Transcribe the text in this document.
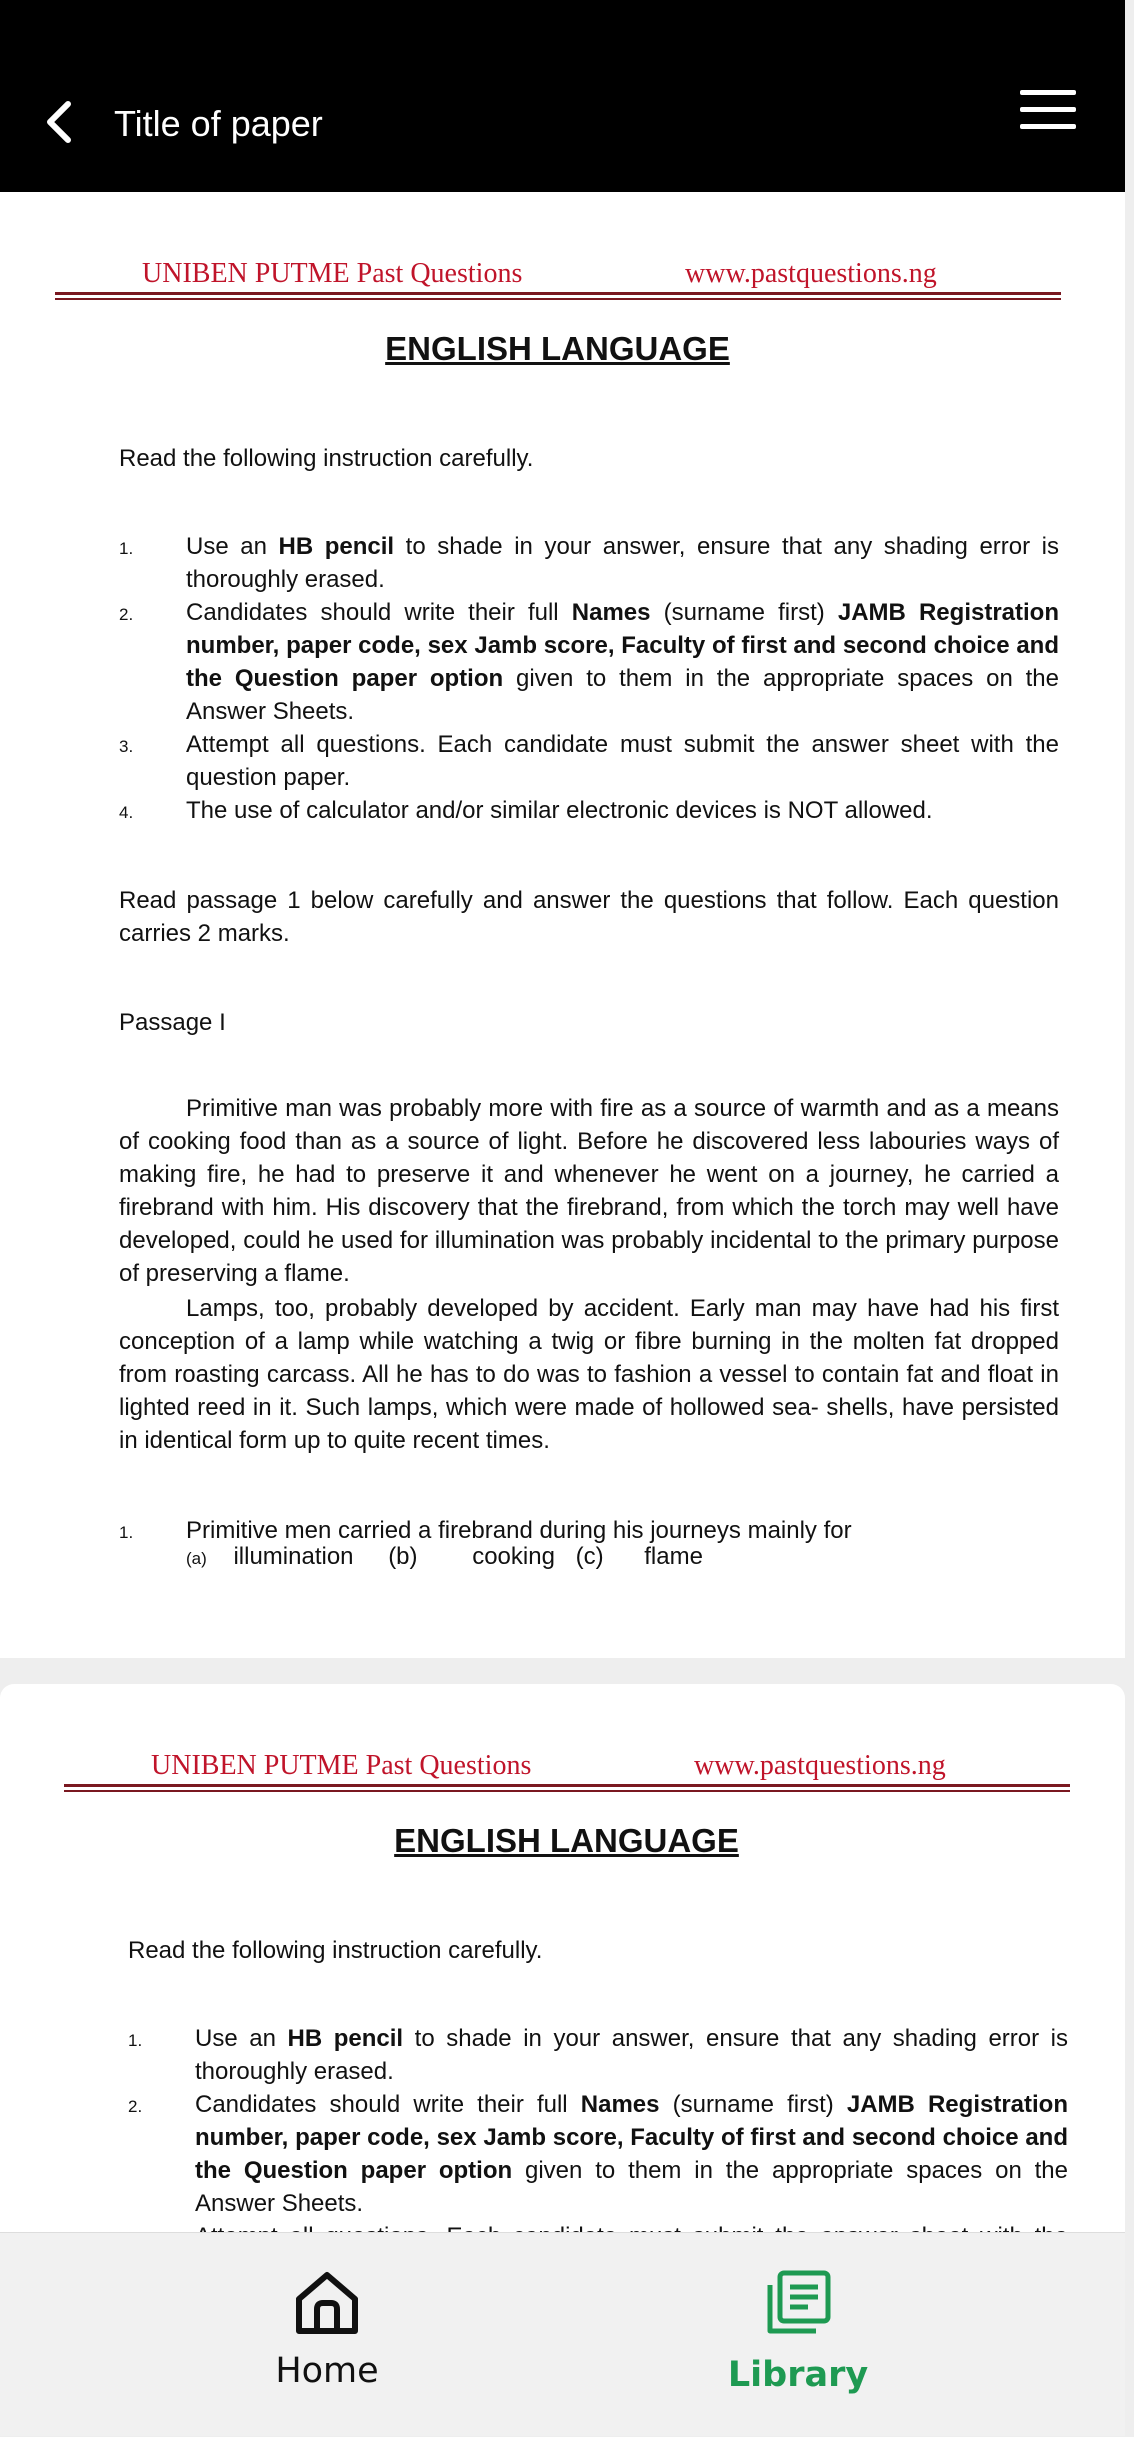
Title of paper
UNIBEN PUTME Past Questions	www.pastquestions.ng
ENGLISH LANGUAGE
Read the following instruction carefully.
1. Use an HB pencil to shade in your answer, ensure that any shading error is thoroughly erased.
2. Candidates should write their full Names (surname first) JAMB Registration number, paper code, sex Jamb score, Faculty of first and second choice and the Question paper option given to them in the appropriate spaces on the Answer Sheets.
3. Attempt all questions. Each candidate must submit the answer sheet with the question paper.
4. The use of calculator and/or similar electronic devices is NOT allowed.
Read passage 1 below carefully and answer the questions that follow. Each question carries 2 marks.
Passage I
Primitive man was probably more with fire as a source of warmth and as a means of cooking food than as a source of light. Before he discovered less labouries ways of making fire, he had to preserve it and whenever he went on a journey, he carried a firebrand with him. His discovery that the firebrand, from which the torch may well have developed, could he used for illumination was probably incidental to the primary purpose of preserving a flame.
Lamps, too, probably developed by accident. Early man may have had his first conception of a lamp while watching a twig or fibre burning in the molten fat dropped from roasting carcass. All he has to do was to fashion a vessel to contain fat and float in lighted reed in it. Such lamps, which were made of hollowed sea- shells, have persisted in identical form up to quite recent times.
1. Primitive men carried a firebrand during his journeys mainly for
(a) illumination (b) cooking (c) flame
UNIBEN PUTME Past Questions	www.pastquestions.ng
ENGLISH LANGUAGE
Read the following instruction carefully.
1. Use an HB pencil to shade in your answer, ensure that any shading error is thoroughly erased.
2. Candidates should write their full Names (surname first) JAMB Registration number, paper code, sex Jamb score, Faculty of first and second choice and the Question paper option given to them in the appropriate spaces on the Answer Sheets.
Home	Library
